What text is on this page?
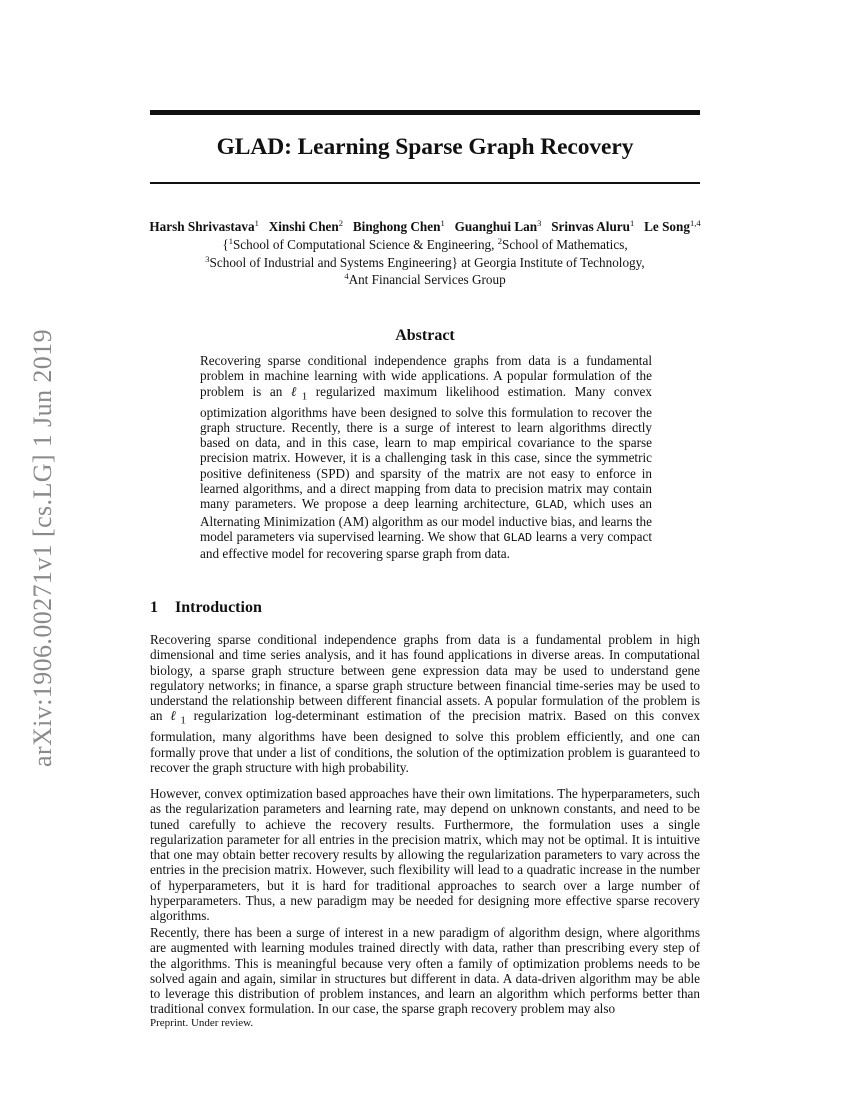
arXiv:1906.00271v1 [cs.LG] 1 Jun 2019
GLAD: Learning Sparse Graph Recovery
Harsh Shrivastava$^1$ Xinshi Chen$^2$ Binghong Chen$^1$ Guanghui Lan$^3$ Srinvas Aluru$^1$ Le Song$^{1,4}$
{$^1$School of Computational Science & Engineering, $^2$School of Mathematics,
$^3$School of Industrial and Systems Engineering} at Georgia Institute of Technology,
$^4$Ant Financial Services Group
Abstract

Recovering sparse conditional independence graphs from data is a fundamental problem in machine learning with wide applications. A popular formulation of the problem is an ℓ$_1$ regularized maximum likelihood estimation. Many convex optimization algorithms have been designed to solve this formulation to recover the graph structure. Recently, there is a surge of interest to learn algorithms directly based on data, and in this case, learn to map empirical covariance to the sparse precision matrix. However, it is a challenging task in this case, since the symmetric positive definiteness (SPD) and sparsity of the matrix are not easy to enforce in learned algorithms, and a direct mapping from data to precision matrix may contain many parameters. We propose a deep learning architecture, GLAD, which uses an Alternating Minimization (AM) algorithm as our model inductive bias, and learns the model parameters via supervised learning. We show that GLAD learns a very compact and effective model for recovering sparse graph from data.

1 Introduction

Recovering sparse conditional independence graphs from data is a fundamental problem in high dimensional and time series analysis, and it has found applications in diverse areas. In computational biology, a sparse graph structure between gene expression data may be used to understand gene regulatory networks; in finance, a sparse graph structure between financial time-series may be used to understand the relationship between different financial assets. A popular formulation of the problem is an ℓ$_1$ regularization log-determinant estimation of the precision matrix. Based on this convex formulation, many algorithms have been designed to solve this problem efficiently, and one can formally prove that under a list of conditions, the solution of the optimization problem is guaranteed to recover the graph structure with high probability.

However, convex optimization based approaches have their own limitations. The hyperparameters, such as the regularization parameters and learning rate, may depend on unknown constants, and need to be tuned carefully to achieve the recovery results. Furthermore, the formulation uses a single regularization parameter for all entries in the precision matrix, which may not be optimal. It is intuitive that one may obtain better recovery results by allowing the regularization parameters to vary across the entries in the precision matrix. However, such flexibility will lead to a quadratic increase in the number of hyperparameters, but it is hard for traditional approaches to search over a large number of hyperparameters. Thus, a new paradigm may be needed for designing more effective sparse recovery algorithms.

Recently, there has been a surge of interest in a new paradigm of algorithm design, where algorithms are augmented with learning modules trained directly with data, rather than prescribing every step of the algorithms. This is meaningful because very often a family of optimization problems needs to be solved again and again, similar in structures but different in data. A data-driven algorithm may be able to leverage this distribution of problem instances, and learn an algorithm which performs better than traditional convex formulation. In our case, the sparse graph recovery problem may also

Preprint. Under review.
